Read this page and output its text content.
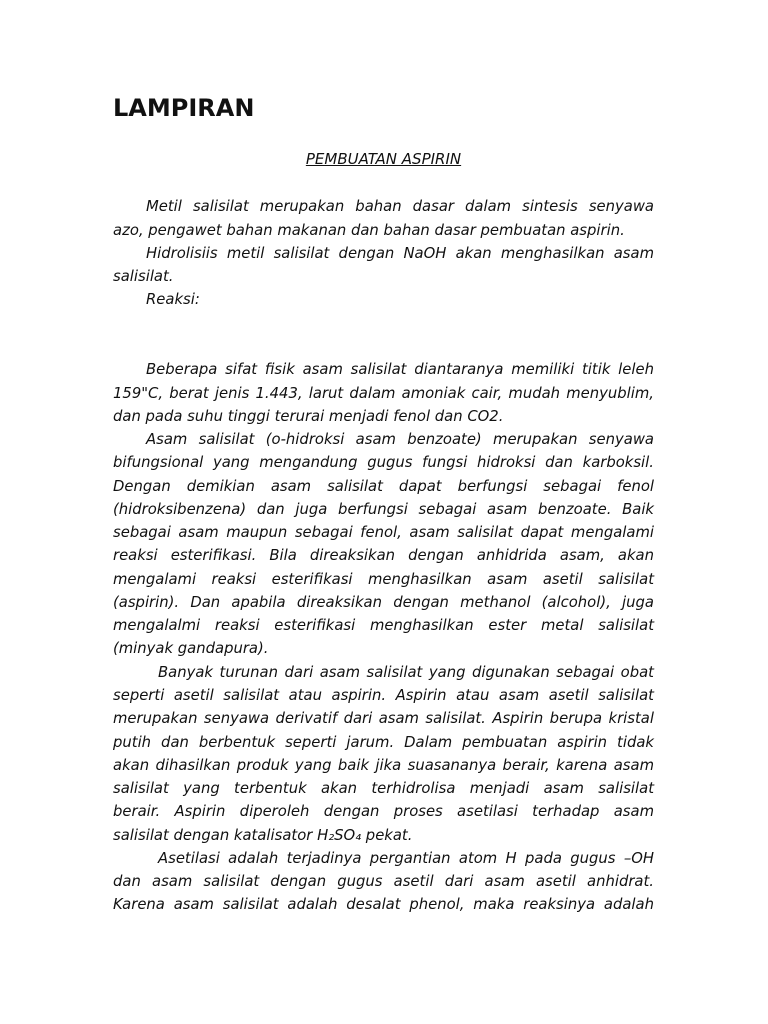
LAMPIRAN
PEMBUATAN ASPIRIN
Metil salisilat merupakan bahan dasar dalam sintesis senyawa
azo, pengawet bahan makanan dan bahan dasar pembuatan aspirin.
Hidrolisiis metil salisilat dengan NaOH akan menghasilkan asam
salisilat.
Reaksi:
Beberapa sifat fisik asam salisilat diantaranya memiliki titik leleh
159"C, berat jenis 1.443, larut dalam amoniak cair, mudah menyublim,
dan pada suhu tinggi terurai menjadi fenol dan CO2.
Asam salisilat (o-hidroksi asam benzoate) merupakan senyawa
bifungsional yang mengandung gugus fungsi hidroksi dan karboksil.
Dengan demikian asam salisilat dapat berfungsi sebagai fenol
(hidroksibenzena) dan juga berfungsi sebagai asam benzoate. Baik
sebagai asam maupun sebagai fenol, asam salisilat dapat mengalami
reaksi esterifikasi. Bila direaksikan dengan anhidrida asam, akan
mengalami reaksi esterifikasi menghasilkan asam asetil salisilat
(aspirin). Dan apabila direaksikan dengan methanol (alcohol), juga
mengalalmi reaksi esterifikasi menghasilkan ester metal salisilat
(minyak gandapura).
Banyak turunan dari asam salisilat yang digunakan sebagai obat
seperti asetil salisilat atau aspirin. Aspirin atau asam asetil salisilat
merupakan senyawa derivatif dari asam salisilat. Aspirin berupa kristal
putih dan berbentuk seperti jarum. Dalam pembuatan aspirin tidak
akan dihasilkan produk yang baik jika suasananya berair, karena asam
salisilat yang terbentuk akan terhidrolisa menjadi asam salisilat
berair. Aspirin diperoleh dengan proses asetilasi terhadap asam
salisilat dengan katalisator H₂SO₄ pekat.
Asetilasi adalah terjadinya pergantian atom H pada gugus –OH
dan asam salisilat dengan gugus asetil dari asam asetil anhidrat.
Karena asam salisilat adalah desalat phenol, maka reaksinya adalah
